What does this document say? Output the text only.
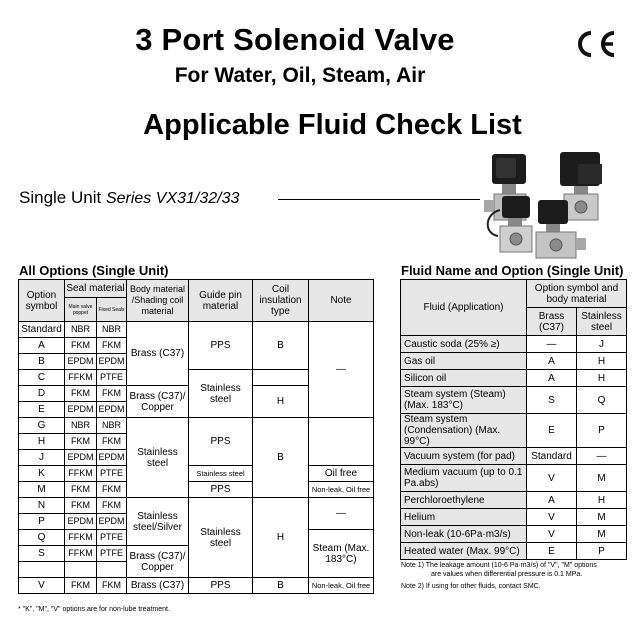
3 Port Solenoid Valve
For Water, Oil, Steam, Air
Applicable Fluid Check List
Single Unit Series VX31/32/33
All Options (Single Unit)
Option symbol	Seal material		Body material /Shading coil material	Guide pin material	Coil insulation type	Note
	Main valve poppet	Fixed Seals				
Standard	NBR	NBR	Brass (C37)	PPS	B	—
A	FKM	FKM				
B	EPDM	EPDM				
C	FFKM	PTFE		Stainless steel		
D	FKM	FKM	Brass (C37)/ Copper		H	
E	EPDM	EPDM				
G	NBR	NBR	Stainless steel	PPS	B	
H	FKM	FKM				
J	EPDM	EPDM				
K	FFKM	PTFE		Stainless steel		Oil free
M	FKM	FKM		PPS		Non-leak, Oil free
N	FKM	FKM	Stainless steel/Silver	Stainless steel	H	—
P	EPDM	EPDM				
Q	FFKM	PTFE				Steam (Max. 183°C)
S	FFKM	PTFE	Brass (C37)/ Copper			

V	FKM	FKM	Brass (C37)	PPS	B	Non-leak, Oil free
* "K", "M", "V" options are for non-lube treatment.
Fluid Name and Option (Single Unit)
Fluid (Application)	Option symbol and body material	
	Brass (C37)	Stainless steel
Caustic soda (25% ≥)	—	J
Gas oil	A	H
Silicon oil	A	H
Steam system (Steam) (Max. 183°C)	S	Q
Steam system (Condensation) (Max. 99°C)	E	P
Vacuum system (for pad)	Standard	—
Medium vacuum (up to 0.1 Pa.abs)	V	M
Perchloroethylene	A	H
Helium	V	M
Non-leak (10-6Pa·m3/s)	V	M
Heated water (Max. 99°C)	E	P
Note 1) The leakage amount (10-6 Pa·m3/s) of "V", "M" options
are values when differential pressure is 0.1 MPa.
Note 2) If using for other fluids, contact SMC.
